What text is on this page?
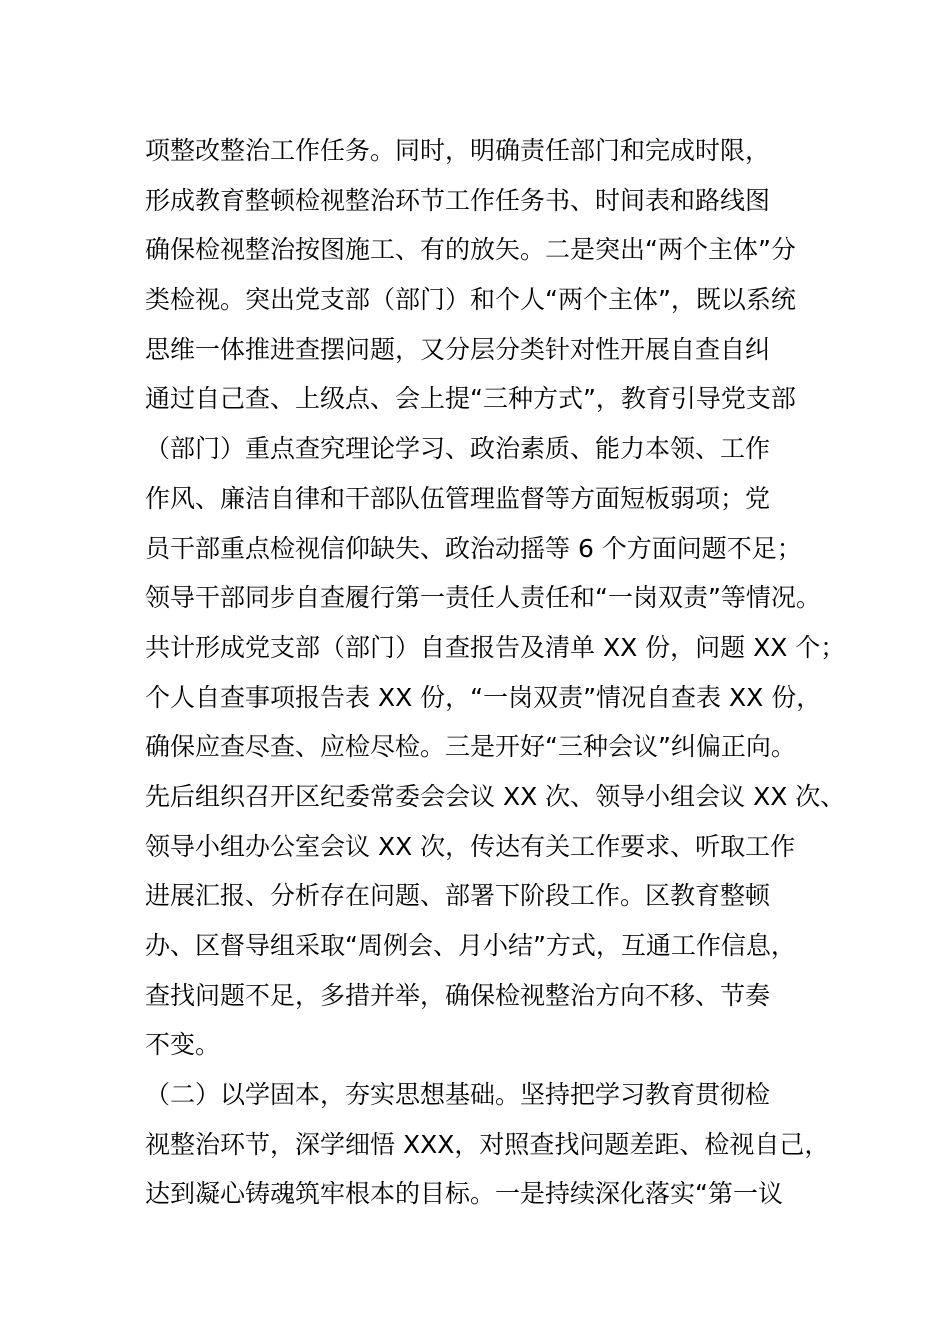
项整改整治工作任务。同时，明确责任部门和完成时限，
形成教育整顿检视整治环节工作任务书、时间表和路线图
确保检视整治按图施工、有的放矢。二是突出“两个主体”分
类检视。突出党支部（部门）和个人“两个主体”，既以系统
思维一体推进查摆问题，又分层分类针对性开展自查自纠
通过自己查、上级点、会上提“三种方式”，教育引导党支部
（部门）重点查究理论学习、政治素质、能力本领、工作
作风、廉洁自律和干部队伍管理监督等方面短板弱项；党
员干部重点检视信仰缺失、政治动摇等 6 个方面问题不足；
领导干部同步自查履行第一责任人责任和“一岗双责”等情况。
共计形成党支部（部门）自查报告及清单 XX 份，问题 XX 个；
个人自查事项报告表 XX 份，“一岗双责”情况自查表 XX 份，
确保应查尽查、应检尽检。三是开好“三种会议”纠偏正向。
先后组织召开区纪委常委会会议 XX 次、领导小组会议 XX 次、
领导小组办公室会议 XX 次，传达有关工作要求、听取工作
进展汇报、分析存在问题、部署下阶段工作。区教育整顿
办、区督导组采取“周例会、月小结”方式，互通工作信息，
查找问题不足，多措并举，确保检视整治方向不移、节奏
不变。
（二）以学固本，夯实思想基础。坚持把学习教育贯彻检
视整治环节，深学细悟 XXX，对照查找问题差距、检视自己，
达到凝心铸魂筑牢根本的目标。一是持续深化落实“第一议
